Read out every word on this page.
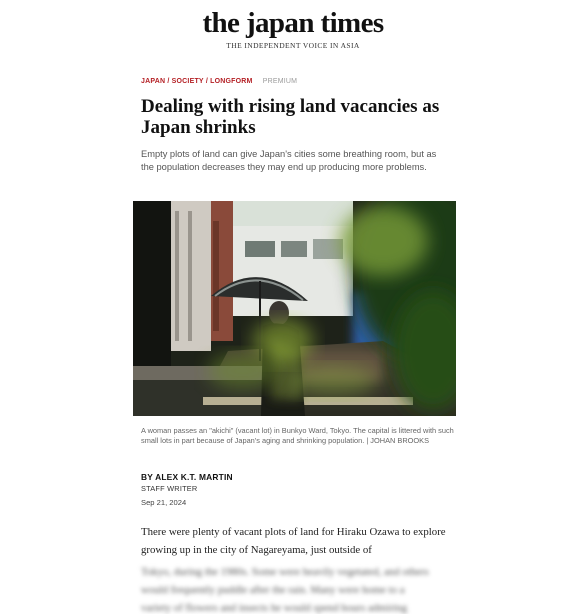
the japan times
THE INDEPENDENT VOICE IN ASIA
JAPAN / SOCIETY / LONGFORM PREMIUM
Dealing with rising land vacancies as Japan shrinks

Empty plots of land can give Japan's cities some breathing room, but as the population decreases they may end up producing more problems.

A woman passes an "akichi" (vacant lot) in Bunkyo Ward, Tokyo. The capital is littered with such small lots in part because of Japan's aging and shrinking population. | JOHAN BROOKS

BY ALEX K.T. MARTIN
STAFF WRITER
Sep 21, 2024

There were plenty of vacant plots of land for Hiraku Ozawa to explore growing up in the city of Nagareyama, just outside of

Tokyo, during the 1980s. Some were heavily vegetated, and others
would frequently puddle after the rain. Many were home to a
variety of flowers and insects he would spend hours admiring
